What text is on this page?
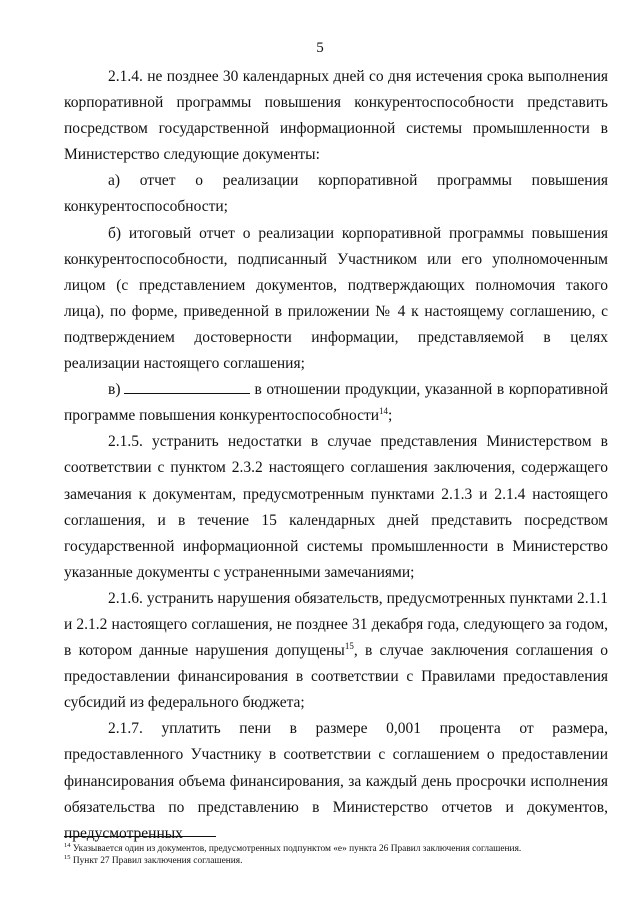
5

2.1.4. не позднее 30 календарных дней со дня истечения срока выполнения корпоративной программы повышения конкурентоспособности представить посредством государственной информационной системы промышленности в Министерство следующие документы:

а) отчет о реализации корпоративной программы повышения конкурентоспособности;

б) итоговый отчет о реализации корпоративной программы повышения конкурентоспособности, подписанный Участником или его уполномоченным лицом (с представлением документов, подтверждающих полномочия такого лица), по форме, приведенной в приложении № 4 к настоящему соглашению, с подтверждением достоверности информации, представляемой в целях реализации настоящего соглашения;

в)	в отношении продукции, указанной в корпоративной программе повышения конкурентоспособности$^{14}$;

2.1.5. устранить недостатки в случае представления Министерством в соответствии с пунктом 2.3.2 настоящего соглашения заключения, содержащего замечания к документам, предусмотренным пунктами 2.1.3 и 2.1.4 настоящего соглашения, и в течение 15 календарных дней представить посредством государственной информационной системы промышленности в Министерство указанные документы с устраненными замечаниями;

2.1.6. устранить нарушения обязательств, предусмотренных пунктами 2.1.1 и 2.1.2 настоящего соглашения, не позднее 31 декабря года, следующего за годом, в котором данные нарушения допущены$^{15}$, в случае заключения соглашения о предоставлении финансирования в соответствии с Правилами предоставления субсидий из федерального бюджета;

2.1.7. уплатить пени в размере 0,001 процента от размера, предоставленного Участнику в соответствии с соглашением о предоставлении финансирования объема финансирования, за каждый день просрочки исполнения обязательства по представлению в Министерство отчетов и документов, предусмотренных

$^{14}$ Указывается один из документов, предусмотренных подпунктом «е» пункта 26 Правил заключения соглашения.
$^{15}$ Пункт 27 Правил заключения соглашения.
